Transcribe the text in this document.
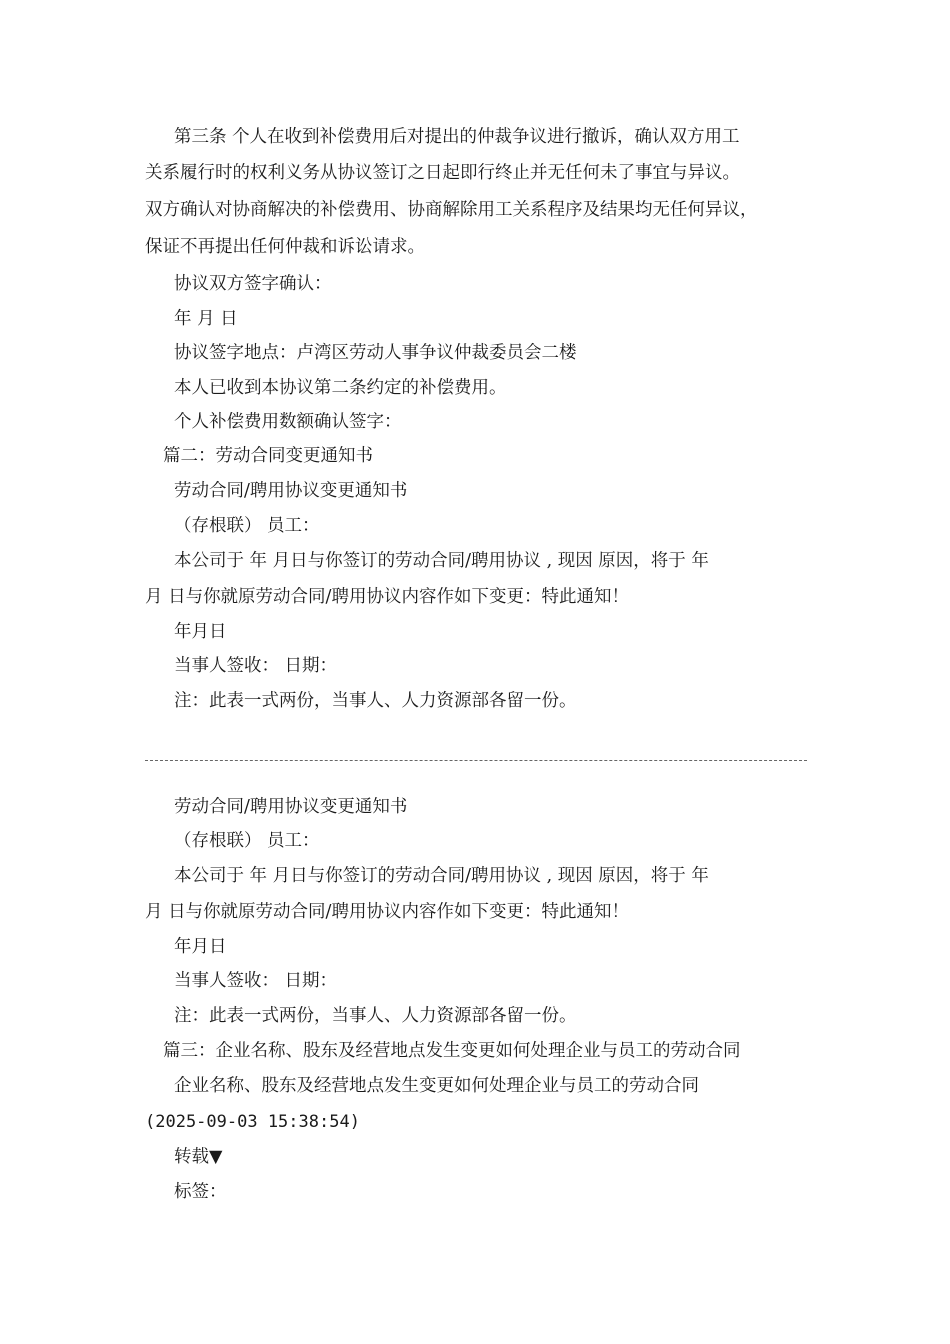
第三条 个人在收到补偿费用后对提出的仲裁争议进行撤诉，确认双方用工

关系履行时的权利义务从协议签订之日起即行终止并无任何未了事宜与异议。

双方确认对协商解决的补偿费用、协商解除用工关系程序及结果均无任何异议，

保证不再提出任何仲裁和诉讼请求。

协议双方签字确认：

年 月 日

协议签字地点：卢湾区劳动人事争议仲裁委员会二楼

本人已收到本协议第二条约定的补偿费用。

个人补偿费用数额确认签字：

篇二：劳动合同变更通知书

劳动合同/聘用协议变更通知书

（存根联） 员工：

本公司于 年 月日与你签订的劳动合同/聘用协议 , 现因 原因，将于 年

月 日与你就原劳动合同/聘用协议内容作如下变更：特此通知！

年月日

当事人签收： 日期：

注：此表一式两份，当事人、人力资源部各留一份。

劳动合同/聘用协议变更通知书

（存根联） 员工：

本公司于 年 月日与你签订的劳动合同/聘用协议 , 现因 原因，将于 年

月 日与你就原劳动合同/聘用协议内容作如下变更：特此通知！

年月日

当事人签收： 日期：

注：此表一式两份，当事人、人力资源部各留一份。

篇三：企业名称、股东及经营地点发生变更如何处理企业与员工的劳动合同

企业名称、股东及经营地点发生变更如何处理企业与员工的劳动合同

(2025-09-03 15:38:54)

转载▼

标签：
